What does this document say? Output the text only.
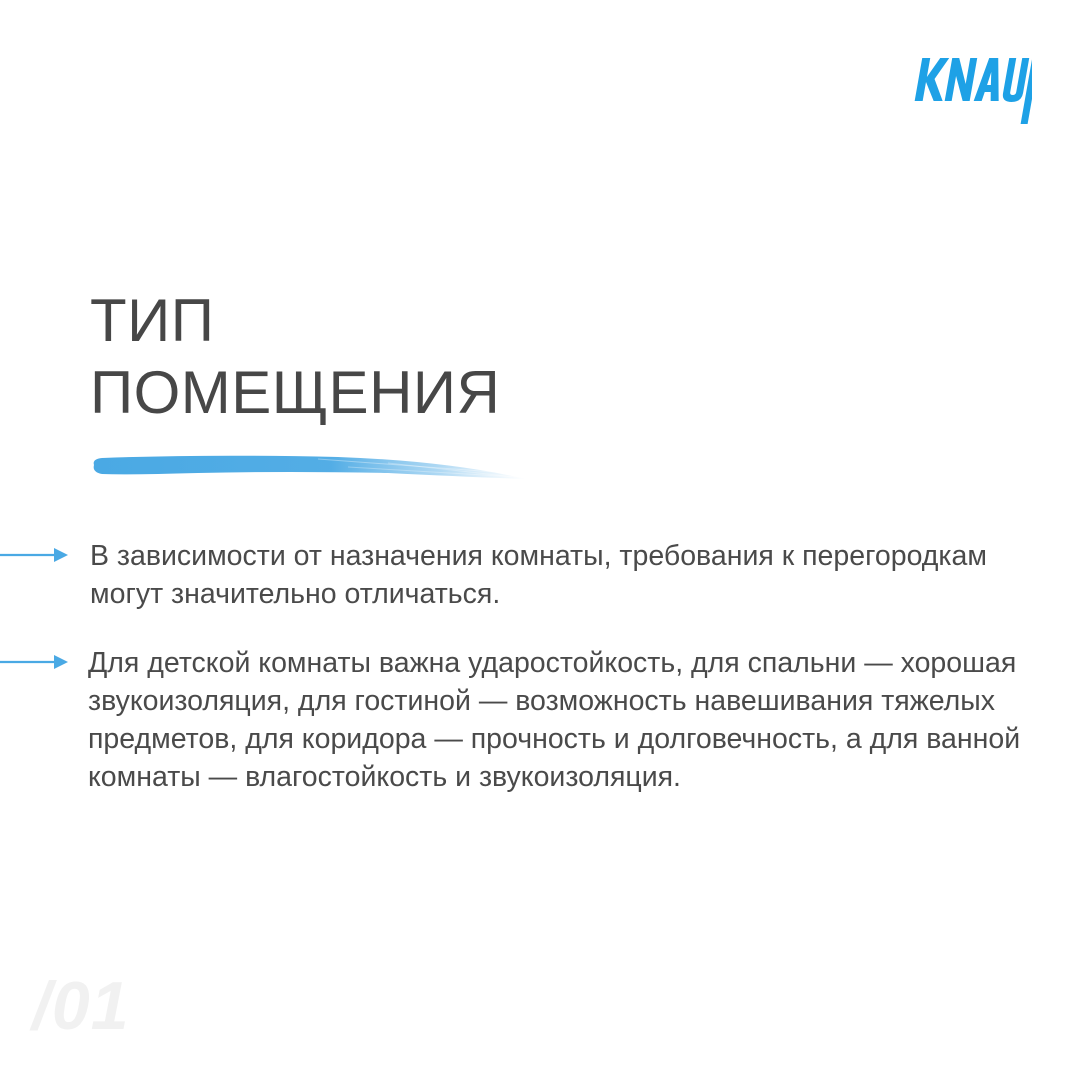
ТИП
ПОМЕЩЕНИЯ

В зависимости от назначения комнаты, требования к перегородкам могут значительно отличаться.

Для детской комнаты важна ударостойкость, для спальни — хорошая звукоизоляция, для гостиной — возможность навешивания тяжелых предметов, для коридора — прочность и долговечность, а для ванной комнаты — влагостойкость и звукоизоляция.

/01
